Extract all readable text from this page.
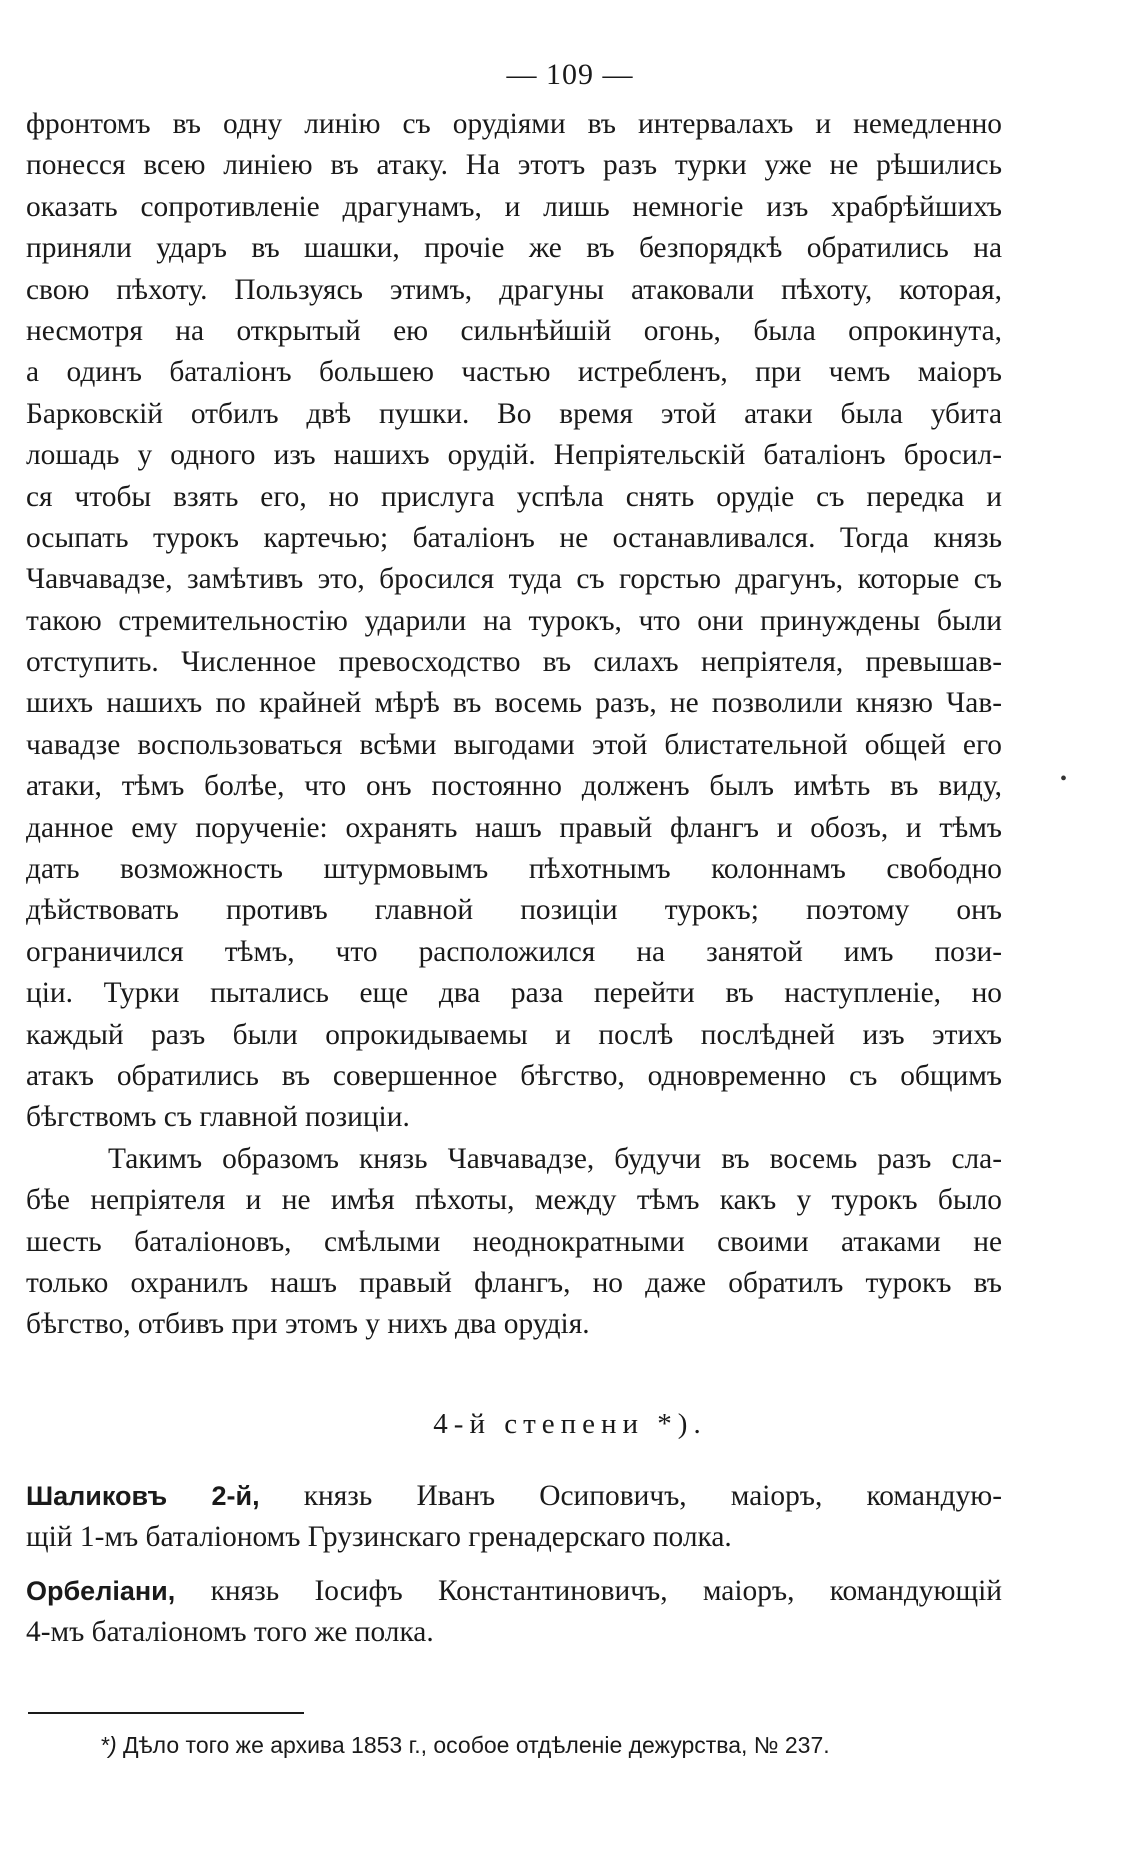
— 109 —
фронтомъ въ одну линію съ орудіями въ интервалахъ и немедленно
понесся всею линіею въ атаку. На этотъ разъ турки уже не рѣшились
оказать сопротивленіе драгунамъ, и лишь немногіе изъ храбрѣйшихъ
приняли ударъ въ шашки, прочіе же въ безпорядкѣ обратились на
свою пѣхоту. Пользуясь этимъ, драгуны атаковали пѣхоту, которая,
несмотря на открытый ею сильнѣйшій огонь, была опрокинута,
а одинъ баталіонъ большею частью истребленъ, при чемъ маіоръ
Барковскій отбилъ двѣ пушки. Во время этой атаки была убита
лошадь у одного изъ нашихъ орудій. Непріятельскій баталіонъ бросил-
ся чтобы взять его, но прислуга успѣла снять орудіе съ передка и
осыпать турокъ картечью; баталіонъ не останавливался. Тогда князь
Чавчавадзе, замѣтивъ это, бросился туда съ горстью драгунъ, которые съ
такою стремительностію ударили на турокъ, что они принуждены были
отступить. Численное превосходство въ силахъ непріятеля, превышав-
шихъ нашихъ по крайней мѣрѣ въ восемь разъ, не позволили князю Чав-
чавадзе воспользоваться всѣми выгодами этой блистательной общей его
атаки, тѣмъ болѣе, что онъ постоянно долженъ былъ имѣть въ виду,
данное ему порученіе: охранять нашъ правый флангъ и обозъ, и тѣмъ
дать возможность штурмовымъ пѣхотнымъ колоннамъ свободно
дѣйствовать противъ главной позиціи турокъ; поэтому онъ
ограничился тѣмъ, что расположился на занятой имъ пози-
ціи. Турки пытались еще два раза перейти въ наступленіе, но
каждый разъ были опрокидываемы и послѣ послѣдней изъ этихъ
атакъ обратились въ совершенное бѣгство, одновременно съ общимъ
бѣгствомъ съ главной позиціи.
Такимъ образомъ князь Чавчавадзе, будучи въ восемь разъ сла-
бѣе непріятеля и не имѣя пѣхоты, между тѣмъ какъ у турокъ было
шесть баталіоновъ, смѣлыми неоднократными своими атаками не
только охранилъ нашъ правый флангъ, но даже обратилъ турокъ въ
бѣгство, отбивъ при этомъ у нихъ два орудія.
4-й степени *).
Шаликовъ 2-й, князь Иванъ Осиповичъ, маіоръ, командую-
щій 1-мъ баталіономъ Грузинскаго гренадерскаго полка.
Орбеліани, князь Іосифъ Константиновичъ, маіоръ, командующій
4-мъ баталіономъ того же полка.
*) Дѣло того же архива 1853 г., особое отдѣленіе дежурства, № 237.
•
